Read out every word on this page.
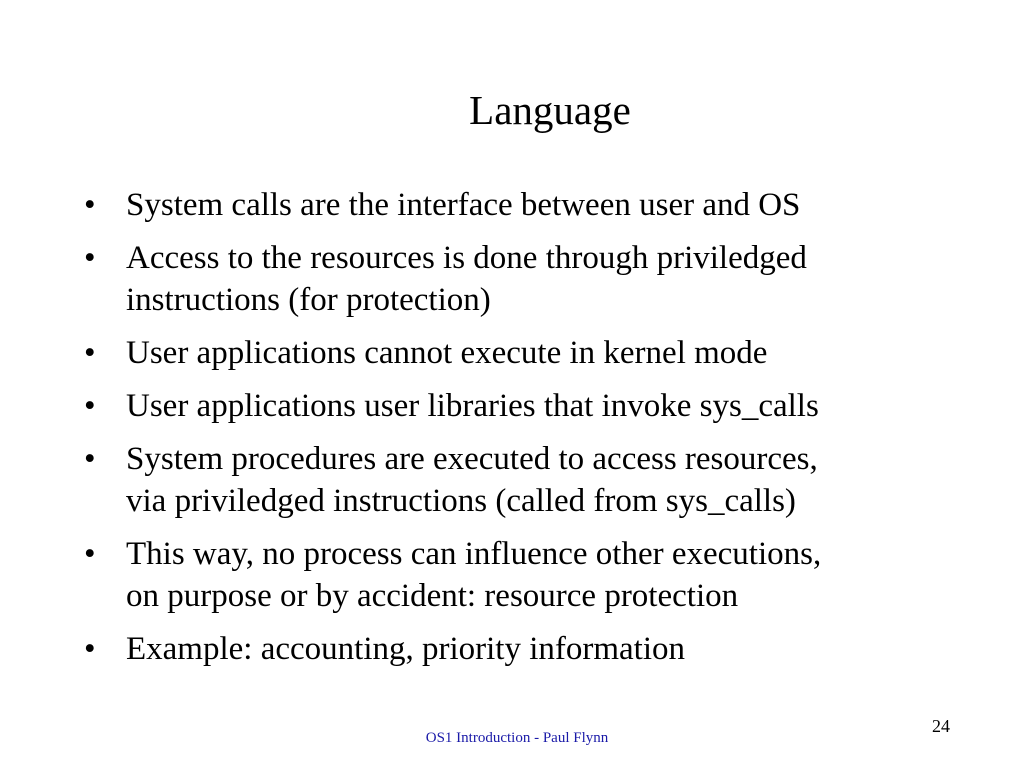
Language
• System calls are the interface between user and OS
• Access to the resources is done through priviledged
instructions (for protection)
• User applications cannot execute in kernel mode
• User applications user libraries that invoke sys_calls
• System procedures are executed to access resources,
via priviledged instructions (called from sys_calls)
• This way, no process can influence other executions,
on purpose or by accident: resource protection
• Example: accounting, priority information
24
OS1 Introduction - Paul Flynn
